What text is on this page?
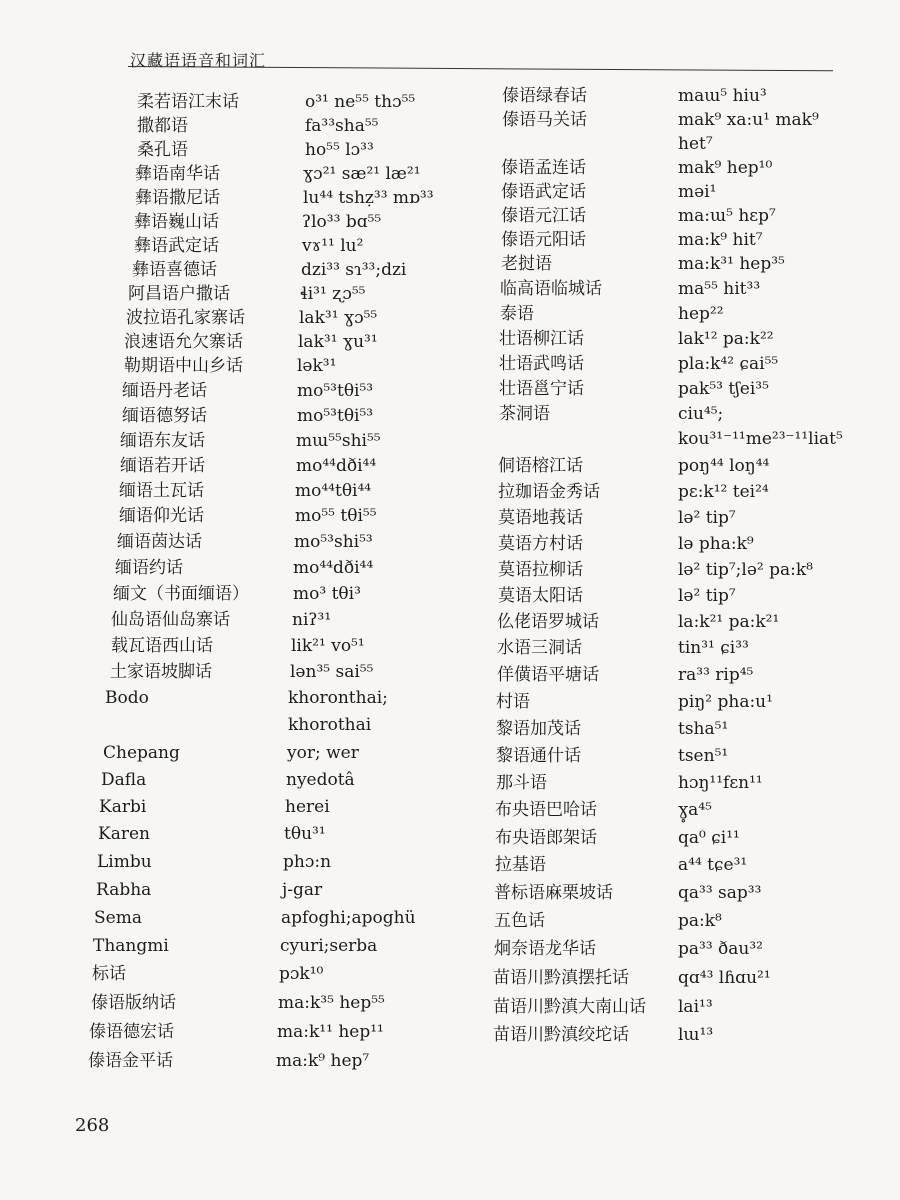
汉藏语语音和词汇
柔若语江末话	o³¹ ne⁵⁵ thɔ⁵⁵
撒都语	fa³³sha⁵⁵
桑孔语	ho⁵⁵ lɔ³³
彝语南华话	ɣɔ²¹ sæ²¹ læ²¹
彝语撒尼话	lu⁴⁴ tshẓ³³ mɒ³³
彝语巍山话	ʔlo³³ bɑ⁵⁵
彝语武定话	vɤ¹¹ lu²
彝语喜德话	dzi³³ sɿ³³;dzi
阿昌语户撒话	ɬi³¹ ʐɔ⁵⁵
波拉语孔家寨话	lak³¹ ɣɔ⁵⁵
浪速语允欠寨话	lak³¹ ɣu³¹
勒期语中山乡话	lək³¹
缅语丹老话	mo⁵³tθi⁵³
缅语德努话	mo⁵³tθi⁵³
缅语东友话	mɯ⁵⁵shi⁵⁵
缅语若开话	mo⁴⁴dði⁴⁴
缅语土瓦话	mo⁴⁴tθi⁴⁴
缅语仰光话	mo⁵⁵ tθi⁵⁵
缅语茵达话	mo⁵³shi⁵³
缅语约话	mo⁴⁴dði⁴⁴
缅文（书面缅语）	mo³ tθi³
仙岛语仙岛寨话	niʔ³¹
载瓦语西山话	lik²¹ vo⁵¹
土家语坡脚话	lən³⁵ sai⁵⁵
Bodo	khoronthai;
khorothai
Chepang	yor; wer
Dafla	nyedotâ
Karbi	herei
Karen	tθu³¹
Limbu	phɔ:n
Rabha	j-gar
Sema	apfoghi;apoghü
Thangmi	cyuri;serba
标话	pɔk¹⁰
傣语版纳话	ma:k³⁵ hep⁵⁵
傣语德宏话	ma:k¹¹ hep¹¹
傣语金平话	ma:k⁹ hep⁷
傣语绿春话	maɯ⁵ hiu³
傣语马关话	mak⁹ xa:u¹ mak⁹
het⁷
傣语孟连话	mak⁹ hep¹⁰
傣语武定话	məi¹
傣语元江话	ma:ɯ⁵ hɛp⁷
傣语元阳话	ma:k⁹ hit⁷
老挝语	ma:k³¹ hep³⁵
临高语临城话	ma⁵⁵ hit³³
泰语	hep²²
壮语柳江话	lak¹² pa:k²²
壮语武鸣话	pla:k⁴² ɕai⁵⁵
壮语邕宁话	pak⁵³ tʃei³⁵
茶洞语	ciu⁴⁵;
kou³¹⁻¹¹me²³⁻¹¹liat⁵
侗语榕江话	poŋ⁴⁴ loŋ⁴⁴
拉珈语金秀话	pɛ:k¹² tei²⁴
莫语地莪话	lə² tip⁷
莫语方村话	lə pha:k⁹
莫语拉柳话	lə² tip⁷;lə² pa:k⁸
莫语太阳话	lə² tip⁷
仫佬语罗城话	la:k²¹ pa:k²¹
水语三洞话	tin³¹ ɕi³³
佯僙语平塘话	ra³³ rip⁴⁵
村语	piŋ² pha:u¹
黎语加茂话	tsha⁵¹
黎语通什话	tsen⁵¹
那斗语	hɔŋ¹¹fɛn¹¹
布央语巴哈话	ɣ̥a⁴⁵
布央语郎架话	qa⁰ ɕi¹¹
拉基语	a⁴⁴ tɕe³¹
普标语麻栗坡话	qa³³ sap³³
五色话	pa:k⁸
炯奈语龙华话	pa³³ ðau³²
苗语川黔滇摆托话	qɑ⁴³ lɦɑu²¹
苗语川黔滇大南山话 lai¹³
苗语川黔滇绞坨话	lɯ¹³
268
